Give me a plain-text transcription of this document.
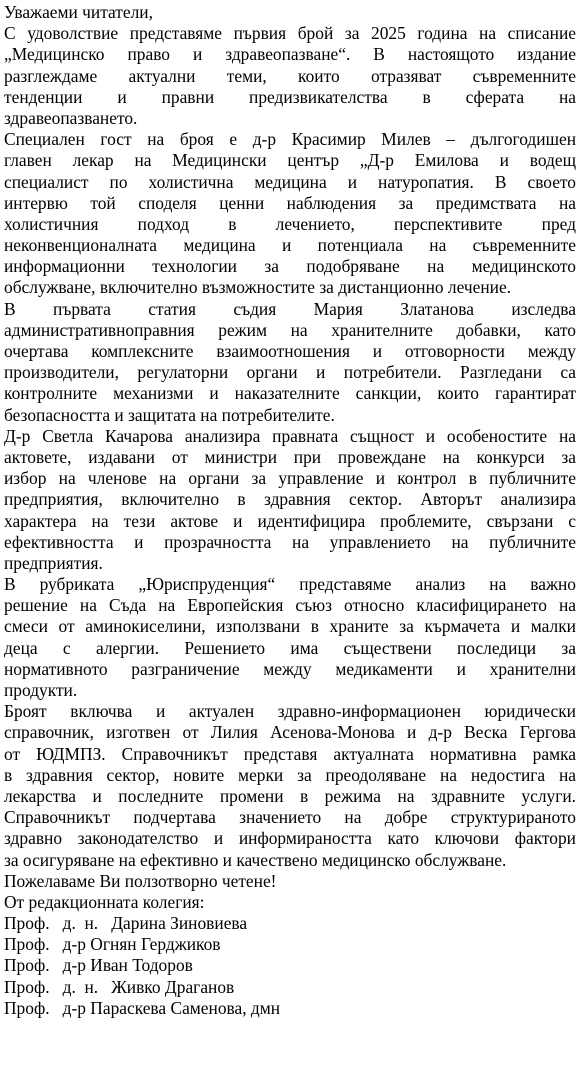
Уважаеми читатели,
С удоволствие представяме първия брой за 2025 година на списание
„Медицинско право и здравеопазване“. В настоящото издание
разглеждаме актуални теми, които отразяват съвременните
тенденции и правни предизвикателства в сферата на
здравеопазването.
Специален гост на броя е д-р Красимир Милев – дългогодишен
главен лекар на Медицински център „Д-р Емилова и водещ
специалист по холистична медицина и натуропатия. В своето
интервю той споделя ценни наблюдения за предимствата на
холистичния подход в лечението, перспективите пред
неконвенционалната медицина и потенциала на съвременните
информационни технологии за подобряване на медицинското
обслужване, включително възможностите за дистанционно лечение.
В първата статия съдия Мария Златанова изследва
административноправния режим на хранителните добавки, като
очертава комплексните взаимоотношения и отговорности между
производители, регулаторни органи и потребители. Разгледани са
контролните механизми и наказателните санкции, които гарантират
безопасността и защитата на потребителите.
Д-р Светла Качарова анализира правната същност и особеностите на
актовете, издавани от министри при провеждане на конкурси за
избор на членове на органи за управление и контрол в публичните
предприятия, включително в здравния сектор. Авторът анализира
характера на тези актове и идентифицира проблемите, свързани с
ефективността и прозрачността на управлението на публичните
предприятия.
В рубриката „Юриспруденция“ представяме анализ на важно
решение на Съда на Европейския съюз относно класифицирането на
смеси от аминокиселини, използвани в храните за кърмачета и малки
деца с алергии. Решението има съществени последици за
нормативното разграничение между медикаменти и хранителни
продукти.
Броят включва и актуален здравно-информационен юридически
справочник, изготвен от Лилия Асенова-Монова и д-р Веска Гергова
от ЮДМПЗ. Справочникът представя актуалната нормативна рамка
в здравния сектор, новите мерки за преодоляване на недостига на
лекарства и последните промени в режима на здравните услуги.
Справочникът подчертава значението на добре структурираното
здравно законодателство и информираността като ключови фактори
за осигуряване на ефективно и качествено медицинско обслужване.
Пожелаваме Ви ползотворно четене!
От редакционната колегия:
Проф.   д.  н.   Дарина Зиновиева
Проф.   д-р Огнян Герджиков
Проф.   д-р Иван Тодоров
Проф.   д.  н.   Живко Драганов
Проф.   д-р Параскева Саменова, дмн
